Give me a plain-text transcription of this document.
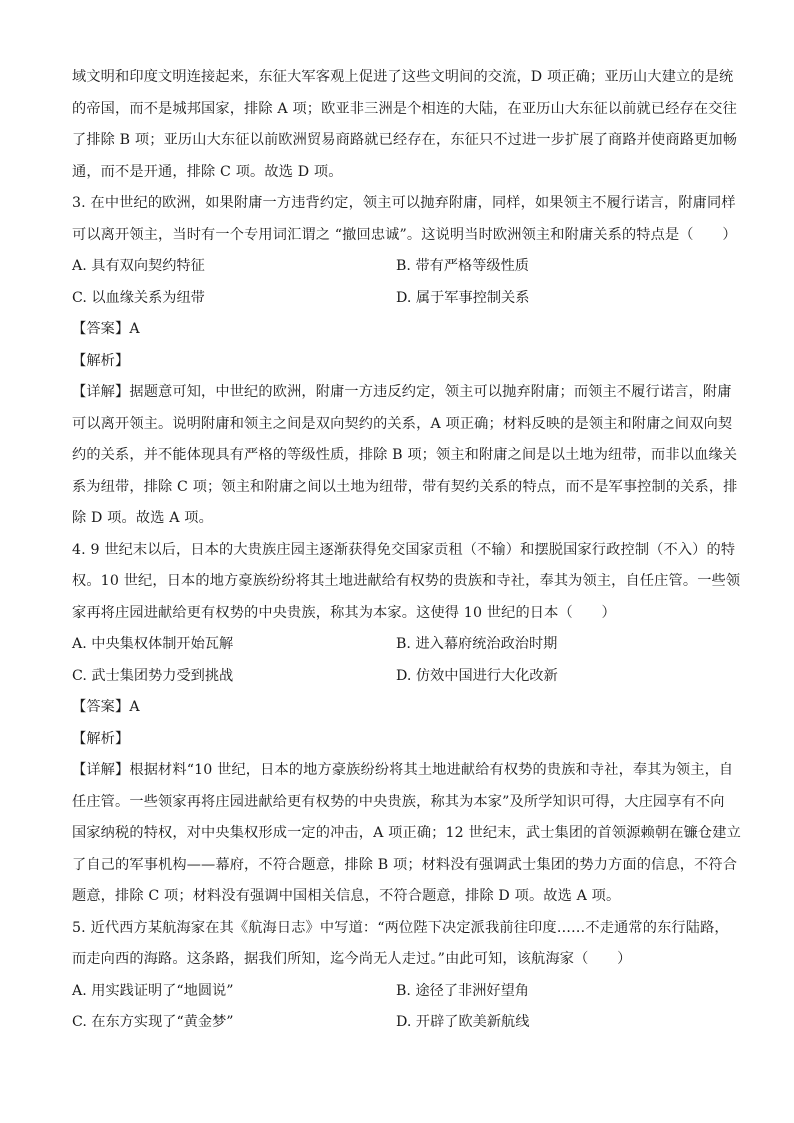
域文明和印度文明连接起来，东征大军客观上促进了这些文明间的交流，D 项正确；亚历山大建立的是统
的帝国，而不是城邦国家，排除 A 项；欧亚非三洲是个相连的大陆，在亚历山大东征以前就已经存在交往
了排除 B 项；亚历山大东征以前欧洲贸易商路就已经存在，东征只不过进一步扩展了商路并使商路更加畅
通，而不是开通，排除 C 项。故选 D 项。
3. 在中世纪的欧洲，如果附庸一方违背约定，领主可以抛弃附庸，同样，如果领主不履行诺言，附庸同样
可以离开领主，当时有一个专用词汇谓之 “撤回忠诚”。这说明当时欧洲领主和附庸关系的特点是（　　）
A. 具有双向契约特征	B. 带有严格等级性质
C. 以血缘关系为纽带	D. 属于军事控制关系
【答案】A
【解析】
【详解】据题意可知，中世纪的欧洲，附庸一方违反约定，领主可以抛弃附庸；而领主不履行诺言，附庸
可以离开领主。说明附庸和领主之间是双向契约的关系，A 项正确；材料反映的是领主和附庸之间双向契
约的关系，并不能体现具有严格的等级性质，排除 B 项；领主和附庸之间是以土地为纽带，而非以血缘关
系为纽带，排除 C 项；领主和附庸之间以土地为纽带，带有契约关系的特点，而不是军事控制的关系，排
除 D 项。故选 A 项。
4. 9 世纪末以后，日本的大贵族庄园主逐渐获得免交国家贡租（不输）和摆脱国家行政控制（不入）的特
权。10 世纪，日本的地方豪族纷纷将其土地进献给有权势的贵族和寺社，奉其为领主，自任庄管。一些领
家再将庄园进献给更有权势的中央贵族，称其为本家。这使得 10 世纪的日本（　　）
A. 中央集权体制开始瓦解	B. 进入幕府统治政治时期
C. 武士集团势力受到挑战	D. 仿效中国进行大化改新
【答案】A
【解析】
【详解】根据材料“10 世纪，日本的地方豪族纷纷将其土地进献给有权势的贵族和寺社，奉其为领主，自
任庄管。一些领家再将庄园进献给更有权势的中央贵族，称其为本家”及所学知识可得，大庄园享有不向
国家纳税的特权，对中央集权形成一定的冲击，A 项正确；12 世纪末，武士集团的首领源赖朝在镰仓建立
了自己的军事机构——幕府，不符合题意，排除 B 项；材料没有强调武士集团的势力方面的信息，不符合
题意，排除 C 项；材料没有强调中国相关信息，不符合题意，排除 D 项。故选 A 项。
5. 近代西方某航海家在其《航海日志》中写道：“两位陛下决定派我前往印度……不走通常的东行陆路，
而走向西的海路。这条路，据我们所知，迄今尚无人走过。”由此可知，该航海家（　　）
A. 用实践证明了“地圆说”	B. 途径了非洲好望角
C. 在东方实现了“黄金梦”	D. 开辟了欧美新航线
